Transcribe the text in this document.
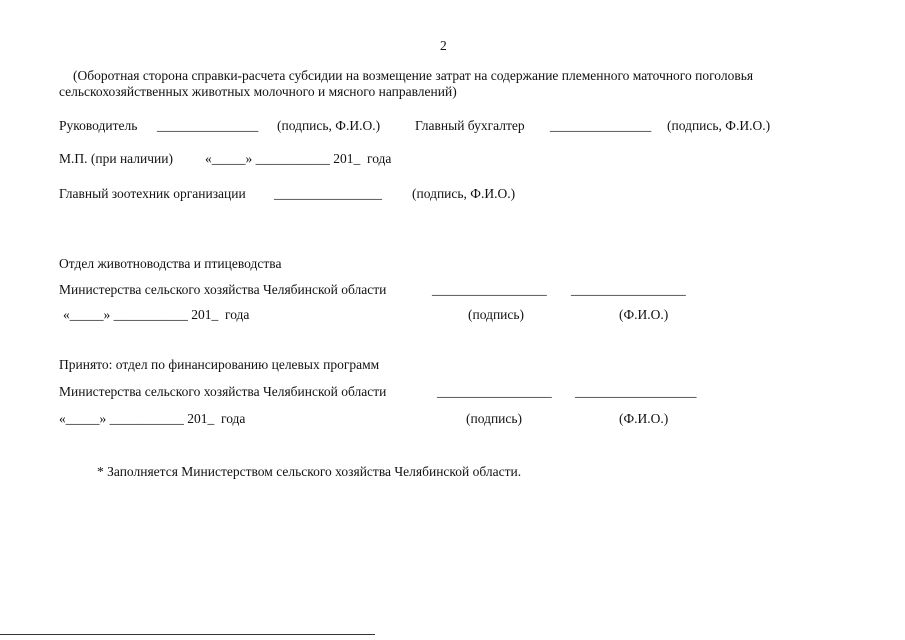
2
(Оборотная сторона справки-расчета субсидии на возмещение затрат на содержание племенного маточного поголовья
сельскохозяйственных животных молочного и мясного направлений)
Руководитель _______________ (подпись, Ф.И.О.)	Главный бухгалтер _______________ (подпись, Ф.И.О.)
М.П. (при наличии) «_____» ___________ 201_  года
Главный зоотехник организации ________________ (подпись, Ф.И.О.)
Отдел животноводства и птицеводства
Министерства сельского хозяйства Челябинской области	_________________ _________________
«_____» ___________ 201_  года	(подпись)	(Ф.И.О.)
Принято: отдел по финансированию целевых программ
Министерства сельского хозяйства Челябинской области	_________________ __________________
«_____» ___________ 201_  года	(подпись)	(Ф.И.О.)
* Заполняется Министерством сельского хозяйства Челябинской области.
